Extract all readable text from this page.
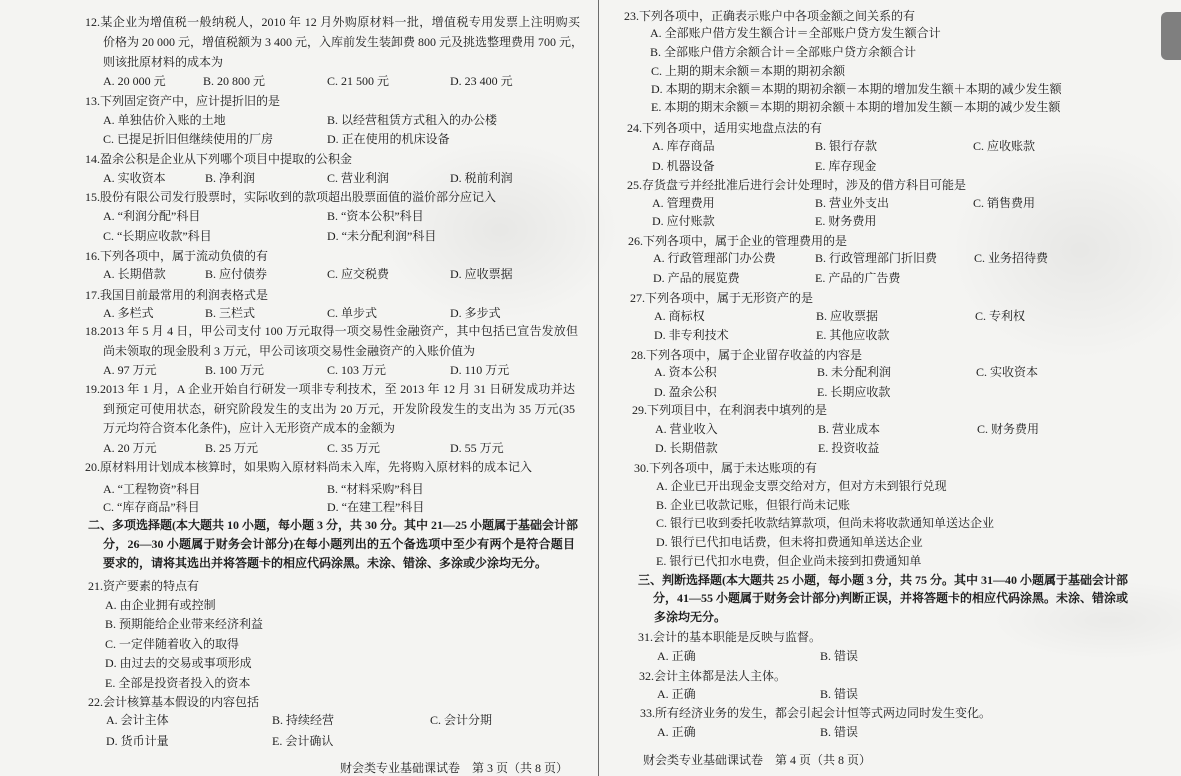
12.某企业为增值税一般纳税人，2010 年 12 月外购原材料一批，增值税专用发票上注明购买
价格为 20 000 元，增值税额为 3 400 元，入库前发生装卸费 800 元及挑选整理费用 700 元，
则该批原材料的成本为
A. 20 000 元	B. 20 800 元	C. 21 500 元	D. 23 400 元
13.下列固定资产中，应计提折旧的是
A. 单独估价入账的土地	B. 以经营租赁方式租入的办公楼
C. 已提足折旧但继续使用的厂房	D. 正在使用的机床设备
14.盈余公积是企业从下列哪个项目中提取的公积金
A. 实收资本	B. 净利润	C. 营业利润	D. 税前利润
15.股份有限公司发行股票时，实际收到的款项超出股票面值的溢价部分应记入
A. “利润分配”科目	B. “资本公积”科目
C. “长期应收款”科目	D. “未分配利润”科目
16.下列各项中，属于流动负债的有
A. 长期借款	B. 应付债券	C. 应交税费	D. 应收票据
17.我国目前最常用的利润表格式是
A. 多栏式	B. 三栏式	C. 单步式	D. 多步式
18.2013 年 5 月 4 日，甲公司支付 100 万元取得一项交易性金融资产，其中包括已宣告发放但
尚未领取的现金股利 3 万元，甲公司该项交易性金融资产的入账价值为
A. 97 万元	B. 100 万元	C. 103 万元	D. 110 万元
19.2013 年 1 月，A 企业开始自行研发一项非专利技术，至 2013 年 12 月 31 日研发成功并达
到预定可使用状态，研究阶段发生的支出为 20 万元，开发阶段发生的支出为 35 万元(35
万元均符合资本化条件)，应计入无形资产成本的金额为
A. 20 万元	B. 25 万元	C. 35 万元	D. 55 万元
20.原材料用计划成本核算时，如果购入原材料尚未入库，先将购入原材料的成本记入
A. “工程物资”科目	B. “材料采购”科目
C. “库存商品”科目	D. “在建工程”科目
二、多项选择题(本大题共 10 小题，每小题 3 分，共 30 分。其中 21—25 小题属于基础会计部
分，26—30 小题属于财务会计部分)在每小题列出的五个备选项中至少有两个是符合题目
要求的，请将其选出并将答题卡的相应代码涂黑。未涂、错涂、多涂或少涂均无分。
21.资产要素的特点有
A. 由企业拥有或控制
B. 预期能给企业带来经济利益
C. 一定伴随着收入的取得
D. 由过去的交易或事项形成
E. 全部是投资者投入的资本
22.会计核算基本假设的内容包括
A. 会计主体	B. 持续经营	C. 会计分期
D. 货币计量	E. 会计确认
财会类专业基础课试卷　第 3 页（共 8 页）
23.下列各项中，正确表示账户中各项金额之间关系的有
A. 全部账户借方发生额合计＝全部账户贷方发生额合计
B. 全部账户借方余额合计＝全部账户贷方余额合计
C. 上期的期末余额＝本期的期初余额
D. 本期的期末余额＝本期的期初余额－本期的增加发生额＋本期的减少发生额
E. 本期的期末余额＝本期的期初余额＋本期的增加发生额－本期的减少发生额
24.下列各项中，适用实地盘点法的有
A. 库存商品	B. 银行存款	C. 应收账款
D. 机器设备	E. 库存现金
25.存货盘亏并经批准后进行会计处理时，涉及的借方科目可能是
A. 管理费用	B. 营业外支出	C. 销售费用
D. 应付账款	E. 财务费用
26.下列各项中，属于企业的管理费用的是
A. 行政管理部门办公费	B. 行政管理部门折旧费	C. 业务招待费
D. 产品的展览费	E. 产品的广告费
27.下列各项中，属于无形资产的是
A. 商标权	B. 应收票据	C. 专利权
D. 非专利技术	E. 其他应收款
28.下列各项中，属于企业留存收益的内容是
A. 资本公积	B. 未分配利润	C. 实收资本
D. 盈余公积	E. 长期应收款
29.下列项目中，在利润表中填列的是
A. 营业收入	B. 营业成本	C. 财务费用
D. 长期借款	E. 投资收益
30.下列各项中，属于未达账项的有
A. 企业已开出现金支票交给对方，但对方未到银行兑现
B. 企业已收款记账，但银行尚未记账
C. 银行已收到委托收款结算款项，但尚未将收款通知单送达企业
D. 银行已代扣电话费，但未将扣费通知单送达企业
E. 银行已代扣水电费，但企业尚未接到扣费通知单
三、判断选择题(本大题共 25 小题，每小题 3 分，共 75 分。其中 31—40 小题属于基础会计部
分，41—55 小题属于财务会计部分)判断正误，并将答题卡的相应代码涂黑。未涂、错涂或
多涂均无分。
31.会计的基本职能是反映与监督。
A. 正确	B. 错误
32.会计主体都是法人主体。
A. 正确	B. 错误
33.所有经济业务的发生，都会引起会计恒等式两边同时发生变化。
A. 正确	B. 错误
财会类专业基础课试卷　第 4 页（共 8 页）
